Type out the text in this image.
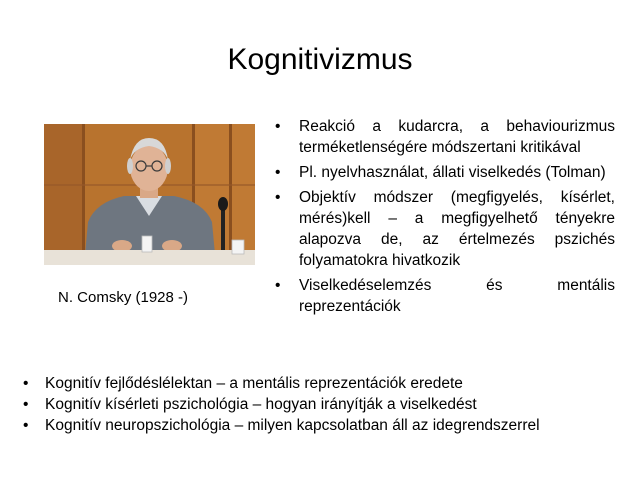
Kognitivizmus
N. Comsky (1928 -)
• Reakció a kudarcra, a behaviourizmus terméketlenségére módszertani kritikával
• Pl. nyelvhasználat, állati viselkedés (Tolman)
• Objektív módszer (megfigyelés, kísérlet, mérés)kell – a megfigyelhető tényekre alapozva de, az értelmezés pszichés folyamatokra hivatkozik
• Viselkedéselemzés és mentális reprezentációk
• Kognitív fejlődéslélektan – a mentális reprezentációk eredete
• Kognitív kísérleti pszichológia – hogyan irányítják a viselkedést
• Kognitív neuropszichológia – milyen kapcsolatban áll az idegrendszerrel
